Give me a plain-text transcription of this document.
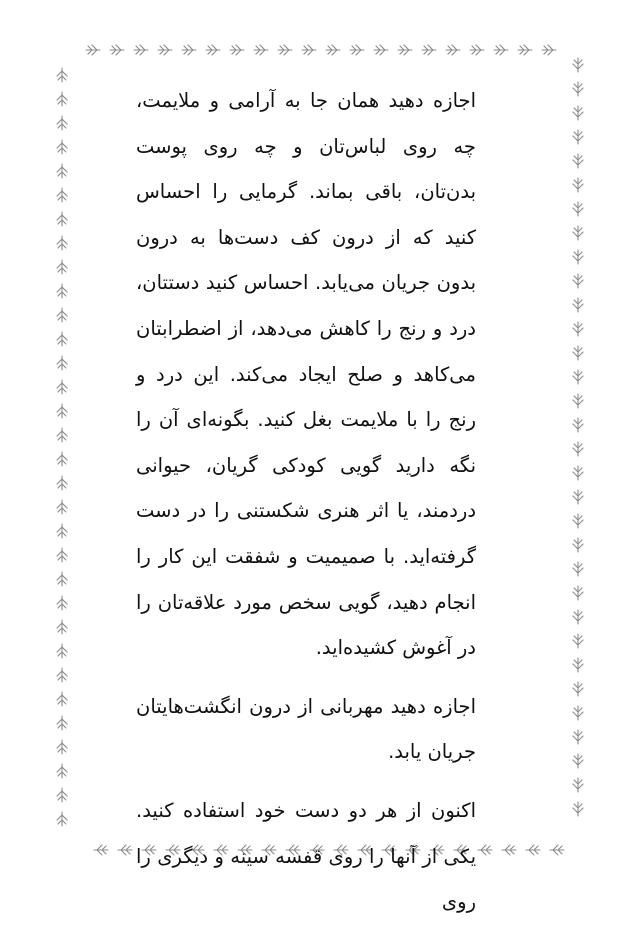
اجازه دهید همان جا به آرامی و ملایمت، چه روی لباس‌تان و چه روی پوست بدن‌تان، باقی بماند. گرمایی را احساس کنید که از درون کف دست‌ها به درون بدون جریان می‌یابد. احساس کنید دستتان، درد و رنج را کاهش می‌دهد، از اضطرابتان می‌کاهد و صلح ایجاد می‌کند. این درد و رنج را با ملایمت بغل کنید. بگونه‌ای آن را نگه دارید گویی کودکی گریان، حیوانی دردمند، یا اثر هنری شکستنی را در دست گرفته‌اید. با صمیمیت و شفقت این کار را انجام دهید، گویی سخص مورد علاقه‌تان را در آغوش کشیده‌اید.

اجازه دهید مهربانی از درون انگشت‌هایتان جریان یابد.

اکنون از هر دو دست خود استفاده کنید. یکی از آنها را روی قفسه سینه و دیگری را روی
